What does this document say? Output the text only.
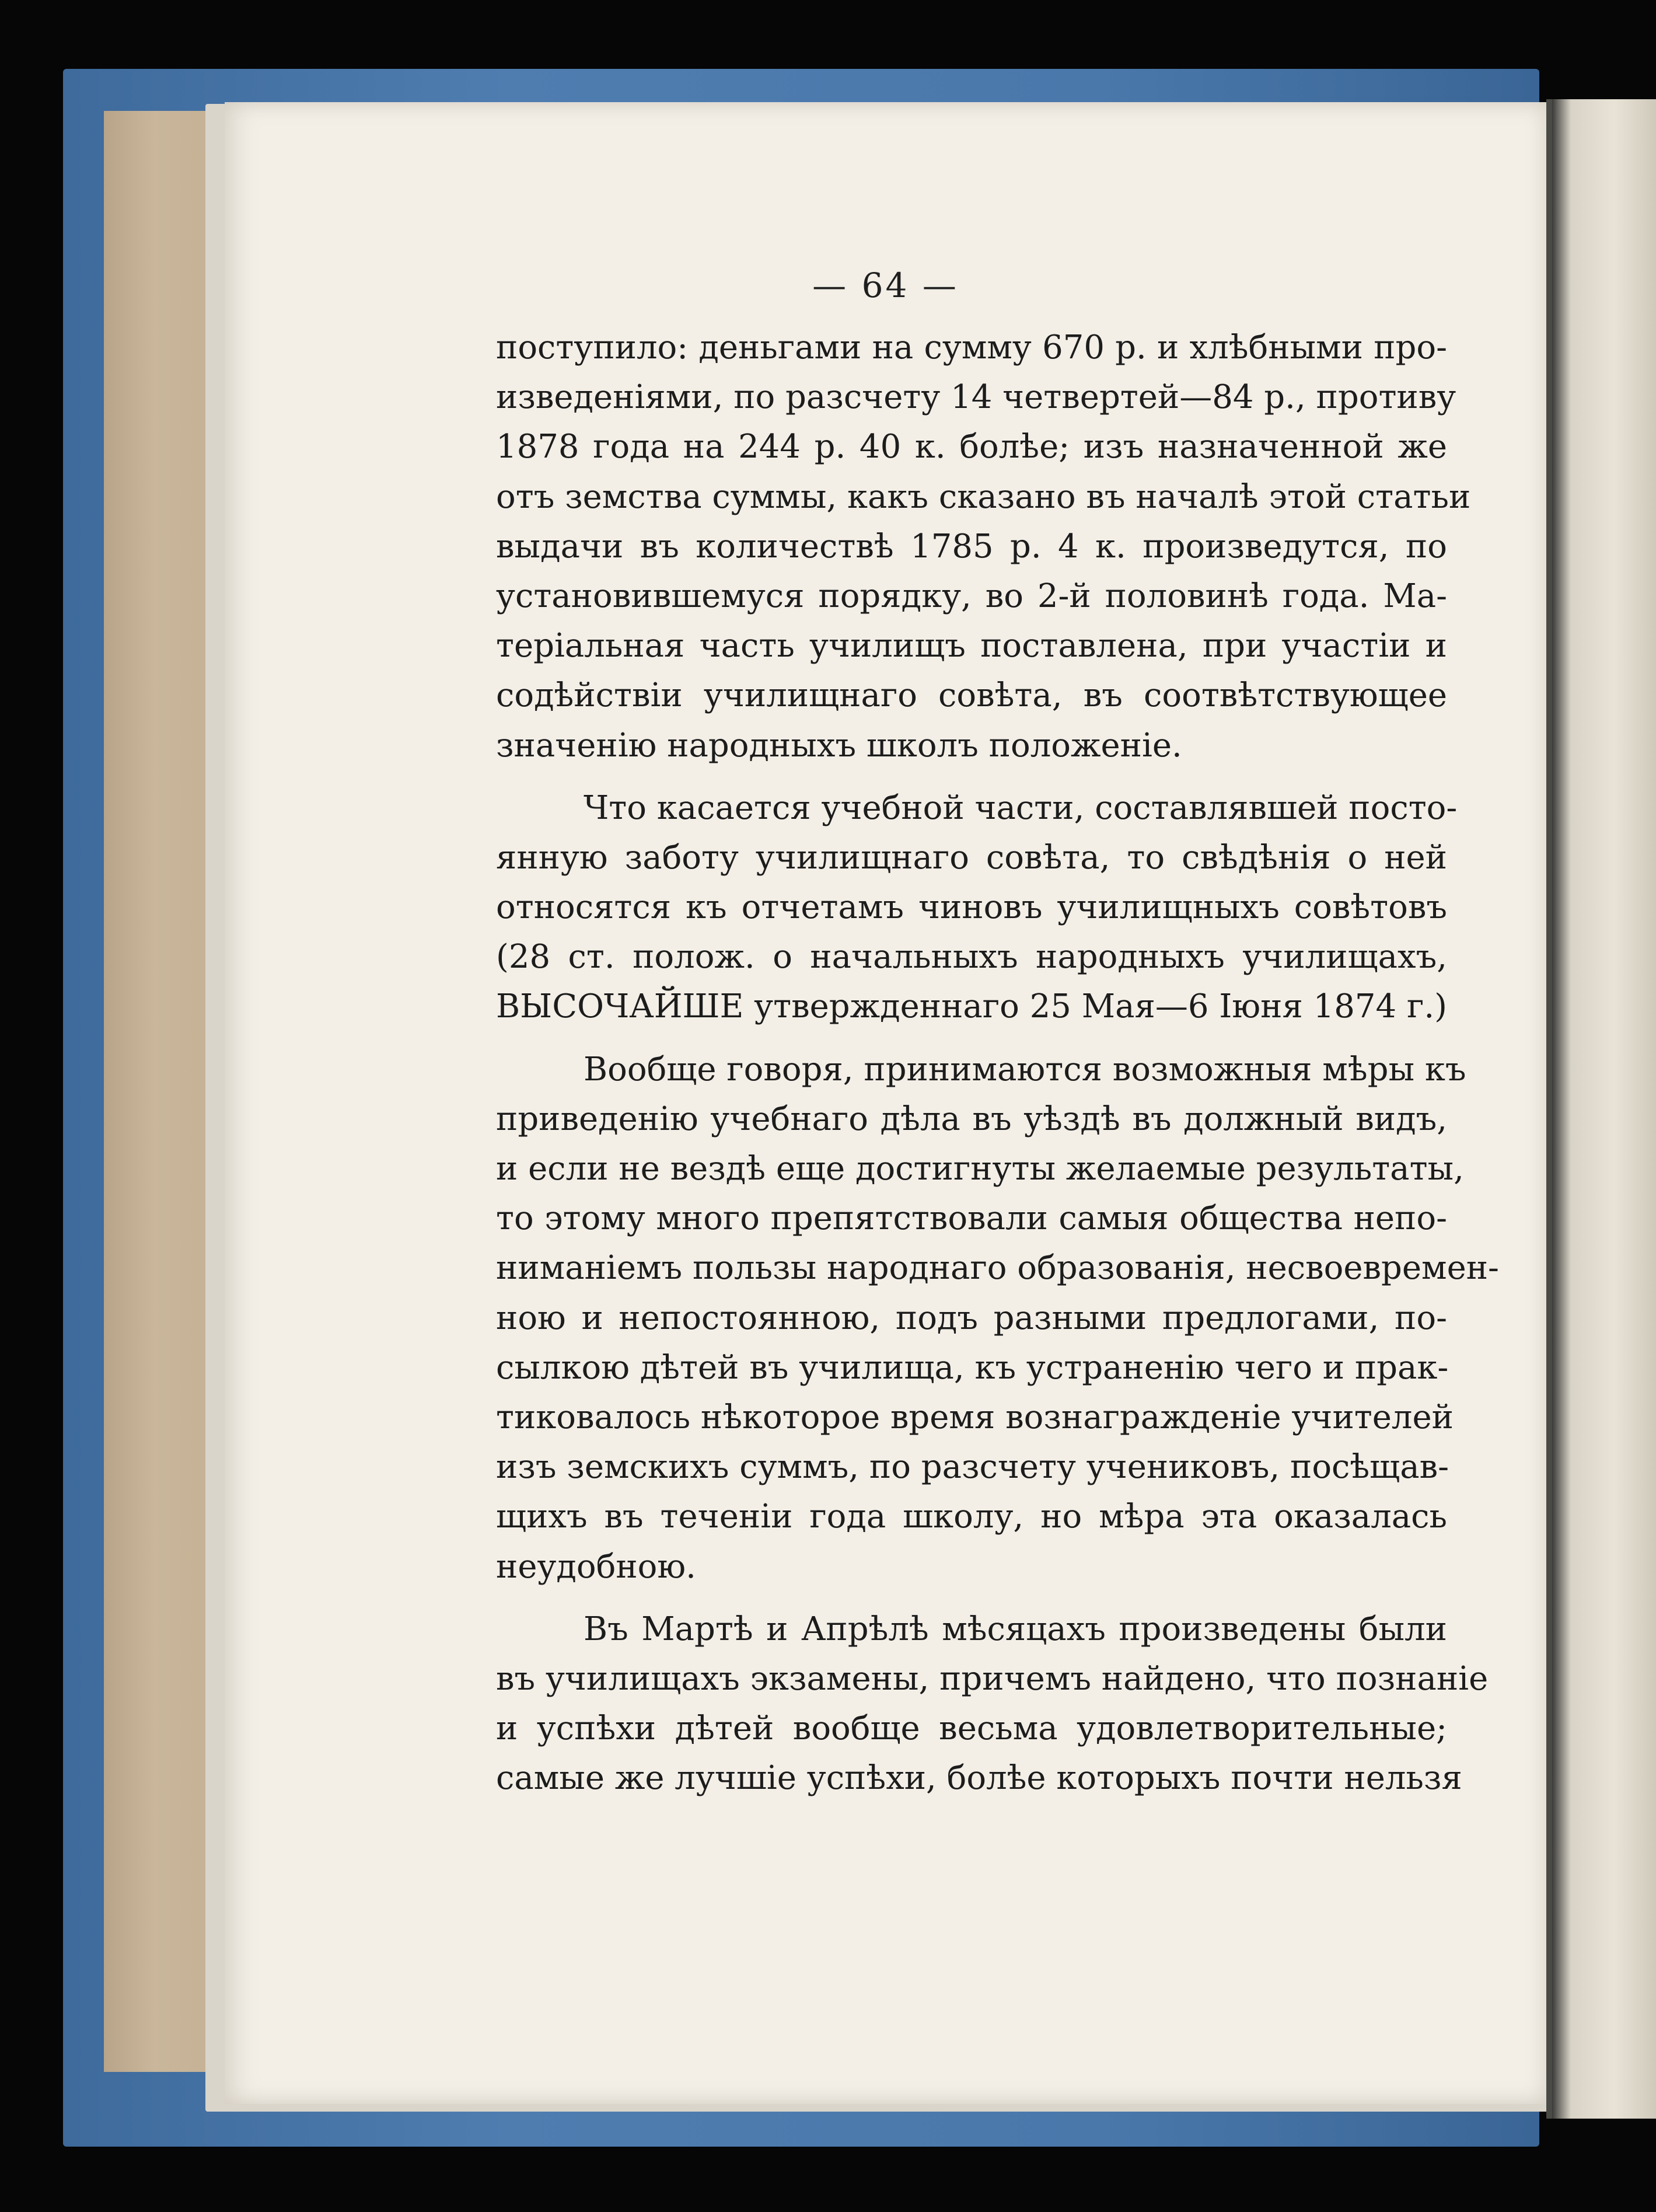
— 64 —
поступило: деньгами на сумму 670 р. и хлѣбными про-
изведеніями, по разсчету 14 четвертей—84 р., противу
1878 года на 244 р. 40 к. болѣе; изъ назначенной же
отъ земства суммы, какъ сказано въ началѣ этой статьи
выдачи въ количествѣ 1785 р. 4 к. произведутся, по
установившемуся порядку, во 2-й половинѣ года. Ма-
теріальная часть училищъ поставлена, при участіи и
содѣйствіи училищнаго совѣта, въ соотвѣтствующее
значенію народныхъ школъ положеніе.
Что касается учебной части, составлявшей посто-
янную заботу училищнаго совѣта, то свѣдѣнія о ней
относятся къ отчетамъ чиновъ училищныхъ совѣтовъ
(28 ст. полож. о начальныхъ народныхъ училищахъ,
ВЫСОЧАЙШЕ утвержденнаго 25 Мая—6 Іюня 1874 г.)
Вообще говоря, принимаются возможныя мѣры къ
приведенію учебнаго дѣла въ уѣздѣ въ должный видъ,
и если не вездѣ еще достигнуты желаемые результаты,
то этому много препятствовали самыя общества непо-
ниманіемъ пользы народнаго образованія, несвоевремен-
ною и непостоянною, подъ разными предлогами, по-
сылкою дѣтей въ училища, къ устраненію чего и прак-
тиковалось нѣкоторое время вознагражденіе учителей
изъ земскихъ суммъ, по разсчету учениковъ, посѣщав-
щихъ въ теченіи года школу, но мѣра эта оказалась
неудобною.
Въ Мартѣ и Апрѣлѣ мѣсяцахъ произведены были
въ училищахъ экзамены, причемъ найдено, что познаніе
и успѣхи дѣтей вообще весьма удовлетворительные;
самые же лучшіе успѣхи, болѣе которыхъ почти нельзя
